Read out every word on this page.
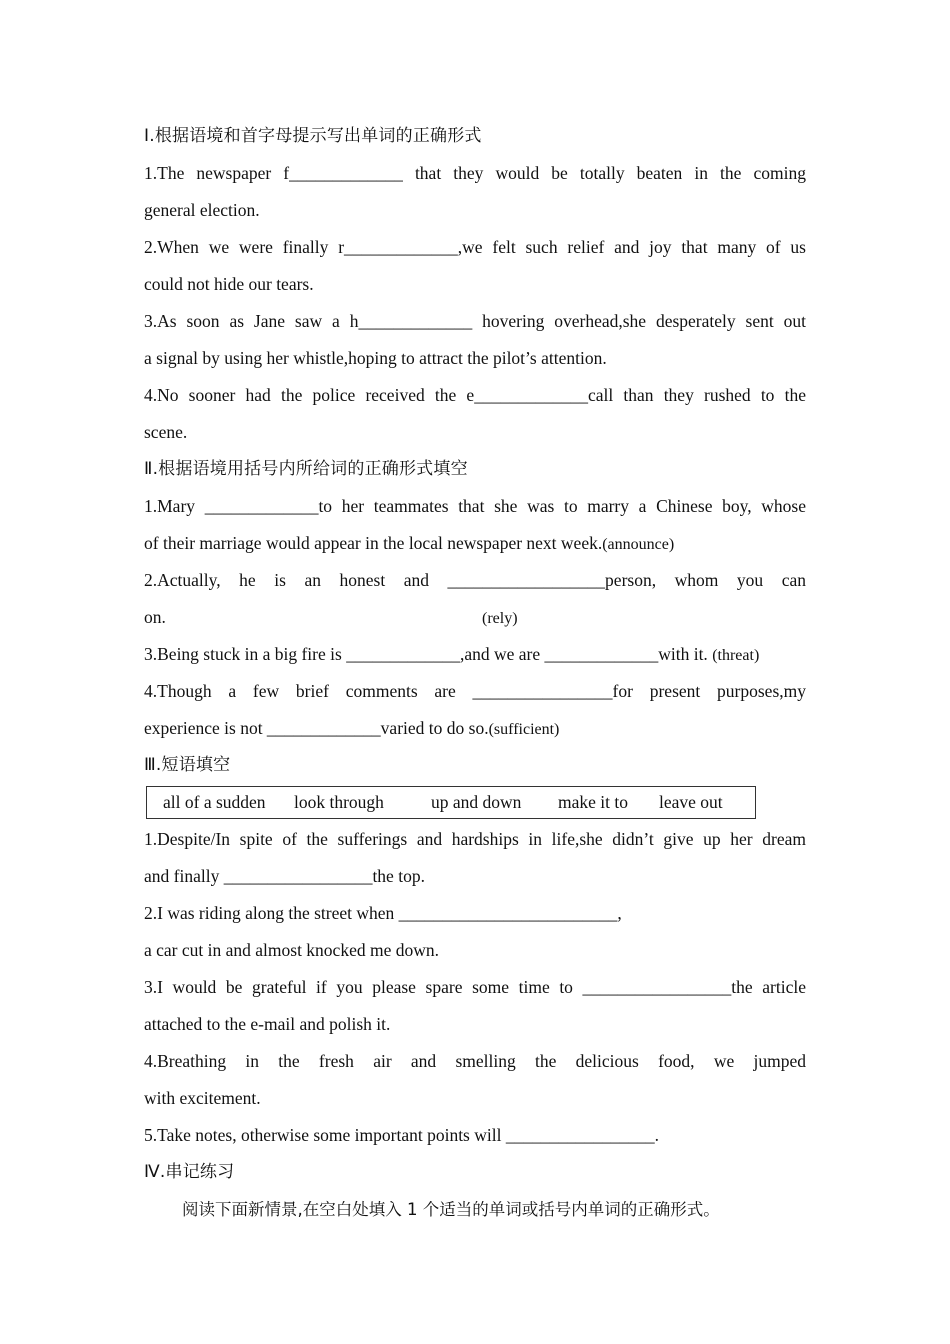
Ⅰ.根据语境和首字母提示写出单词的正确形式
1.The newspaper f_____________ that they would be totally beaten in the coming
general election.
2.When we were finally r_____________,we felt such relief and joy that many of us
could not hide our tears.
3.As soon as Jane saw a h_____________ hovering overhead,she desperately sent out
a signal by using her whistle,hoping to attract the pilot’s attention.
4.No sooner had the police received the e_____________call than they rushed to the
scene.
Ⅱ.根据语境用括号内所给词的正确形式填空
1.Mary _____________to her teammates that she was to marry a Chinese boy, whose
of their marriage would appear in the local newspaper next week.(announce)
2.Actually, he is an honest and __________________person, whom you can
on.	(rely)
3.Being stuck in a big fire is _____________,and we are _____________with it. (threat)
4.Though a few brief comments are ________________for present purposes,my
experience is not _____________varied to do so.(sufficient)
Ⅲ.短语填空
all of a sudden look through	up and down make it to leave out
1.Despite/In spite of the sufferings and hardships in life,she didn’t give up her dream
and finally _________________the top.
2.I was riding along the street when _________________________,
a car cut in and almost knocked me down.
3.I would be grateful if you please spare some time to _________________the article
attached to the e-mail and polish it.
4.Breathing in the fresh air and smelling the delicious food, we jumped
with excitement.
5.Take notes, otherwise some important points will _________________.
Ⅳ.串记练习
阅读下面新情景,在空白处填入 1 个适当的单词或括号内单词的正确形式。
